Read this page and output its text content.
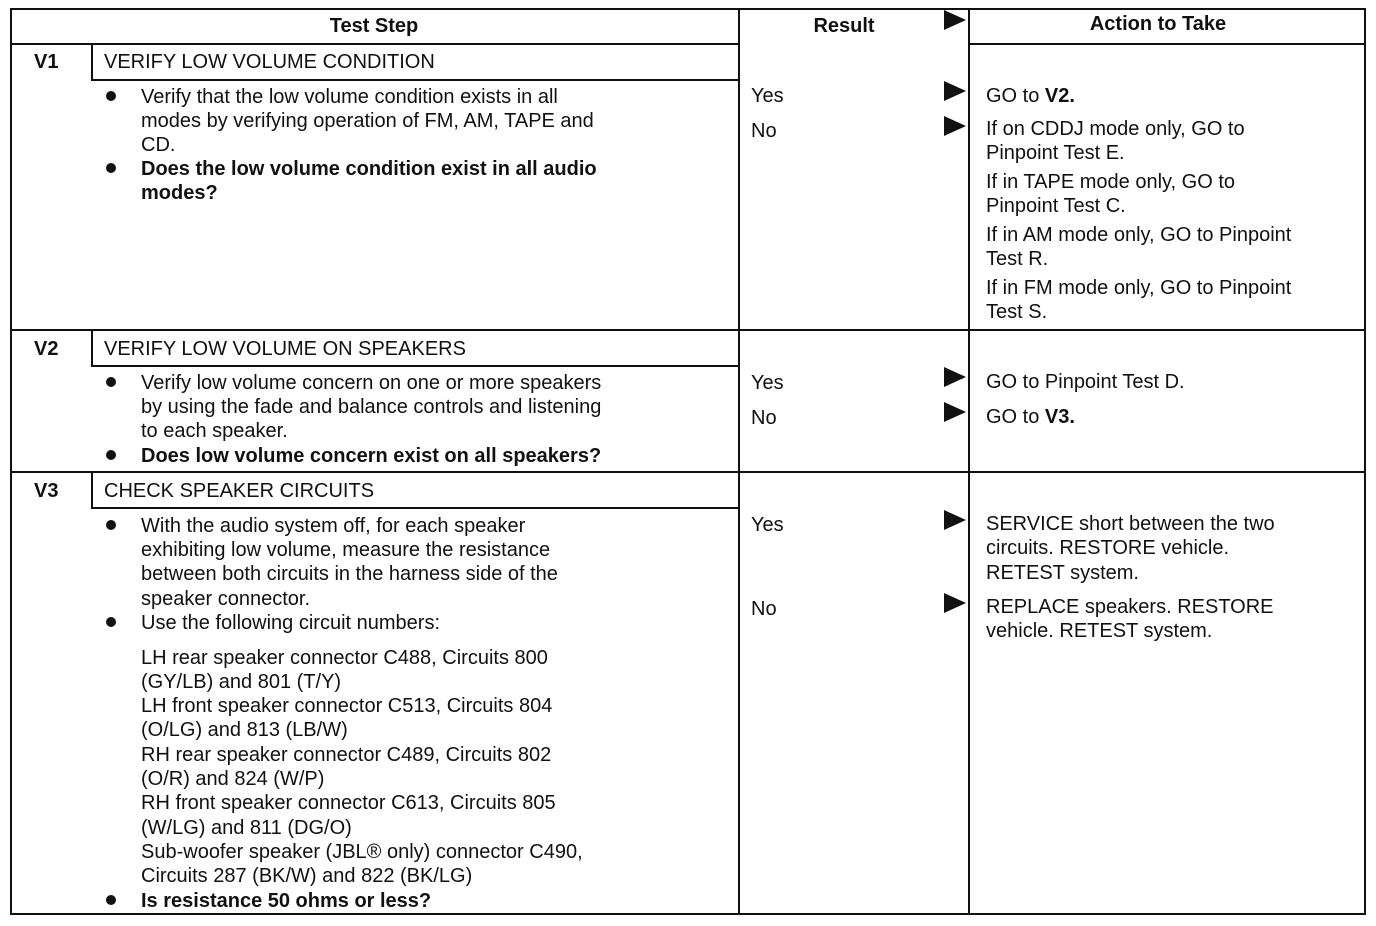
Test Step	Result	Action to Take
V1 VERIFY LOW VOLUME CONDITION
Verify that the low volume condition exists in all
modes by verifying operation of FM, AM, TAPE and
CD.
Does the low volume condition exist in all audio
modes?
Yes	GO to V2.
No	If on CDDJ mode only, GO to
Pinpoint Test E.
If in TAPE mode only, GO to
Pinpoint Test C.
If in AM mode only, GO to Pinpoint
Test R.
If in FM mode only, GO to Pinpoint
Test S.
V2 VERIFY LOW VOLUME ON SPEAKERS
Verify low volume concern on one or more speakers
by using the fade and balance controls and listening
to each speaker.
Does low volume concern exist on all speakers?
Yes	GO to Pinpoint Test D.
No	GO to V3.
V3 CHECK SPEAKER CIRCUITS
With the audio system off, for each speaker
exhibiting low volume, measure the resistance
between both circuits in the harness side of the
speaker connector.
Use the following circuit numbers:
LH rear speaker connector C488, Circuits 800
(GY/LB) and 801 (T/Y)
LH front speaker connector C513, Circuits 804
(O/LG) and 813 (LB/W)
RH rear speaker connector C489, Circuits 802
(O/R) and 824 (W/P)
RH front speaker connector C613, Circuits 805
(W/LG) and 811 (DG/O)
Sub-woofer speaker (JBL® only) connector C490,
Circuits 287 (BK/W) and 822 (BK/LG)
Is resistance 50 ohms or less?
Yes	SERVICE short between the two
circuits. RESTORE vehicle.
RETEST system.
No	REPLACE speakers. RESTORE
vehicle. RETEST system.
